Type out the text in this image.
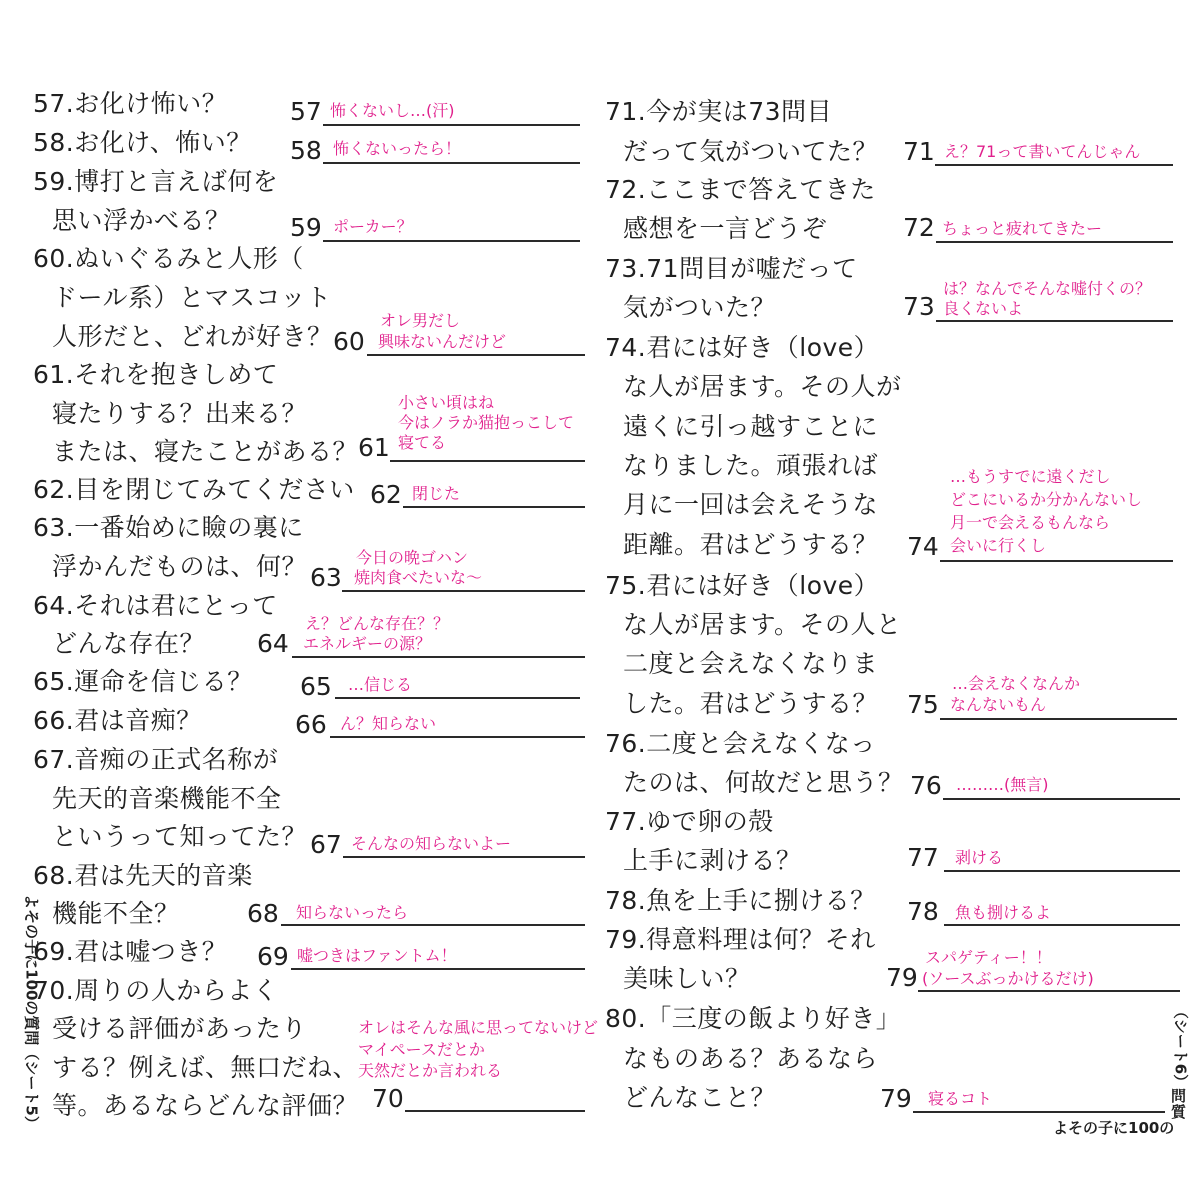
57.お化け怖い？	57 怖くないし…(汗)
58.お化け、怖い？ 58 怖くないったら！
59.博打と言えば何を
思い浮かべる？ 59 ポーカー？
60.ぬいぐるみと人形（
ドール系）とマスコット
人形だと、どれが好き？ 60
オレ男だし
興味ないんだけど
61.それを抱きしめて
寝たりする？出来る？
または、寝たことがある？ 61
小さい頃はね
今はノラか猫抱っこして
寝てる
62.目を閉じてみてください 62 閉じた
63.一番始めに瞼の裏に
浮かんだものは、何？ 63
今日の晩ゴハン
焼肉食べたいな〜
64.それは君にとって
どんな存在？ 64
え？どんな存在？？
エネルギーの源？
65.運命を信じる？ 65 …信じる
66.君は音痴？	66 ん？知らない
67.音痴の正式名称が
先天的音楽機能不全
というって知ってた？ 67 そんなの知らないよー
68.君は先天的音楽
機能不全？	68 知らないったら
69.君は嘘つき？ 69 嘘つきはファントム！
70.周りの人からよく
受ける評価があったり
する？例えば、無口だね、
等。あるならどんな評価？ 70
オレはそんな風に思ってないけど
マイペースだとか
天然だとか言われる
71.今が実は73問目
だって気がついてた？ 71 え？71って書いてんじゃん
72.ここまで答えてきた
感想を一言どうぞ	72 ちょっと疲れてきたー
73.71問目が嘘だって
気がついた？	73
は？なんでそんな嘘付くの？
良くないよ
74.君には好き（love）
な人が居ます。その人が
遠くに引っ越すことに
なりました。頑張れば
月に一回は会えそうな
距離。君はどうする？ 74
…もうすでに遠くだし
どこにいるか分かんないし
月一で会えるもんなら
会いに行くし
75.君には好き（love）
な人が居ます。その人と
二度と会えなくなりま
した。君はどうする？ 75
…会えなくなんか
なんないもん
76.二度と会えなくなっ
たのは、何故だと思う？ 76 ………(無言)
77.ゆで卵の殻
上手に剥ける？	77 剥ける
78.魚を上手に捌ける？ 78 魚も捌けるよ
79.得意料理は何？それ
美味しい？	79
スパゲティー！！
(ソースぶっかけるだけ)
80.「三度の飯より好き」
なものある？あるなら
どんなこと？	79 寝るコト
よその子に100の質問（シート5）	（シート6）
問
質
よその子に100の
